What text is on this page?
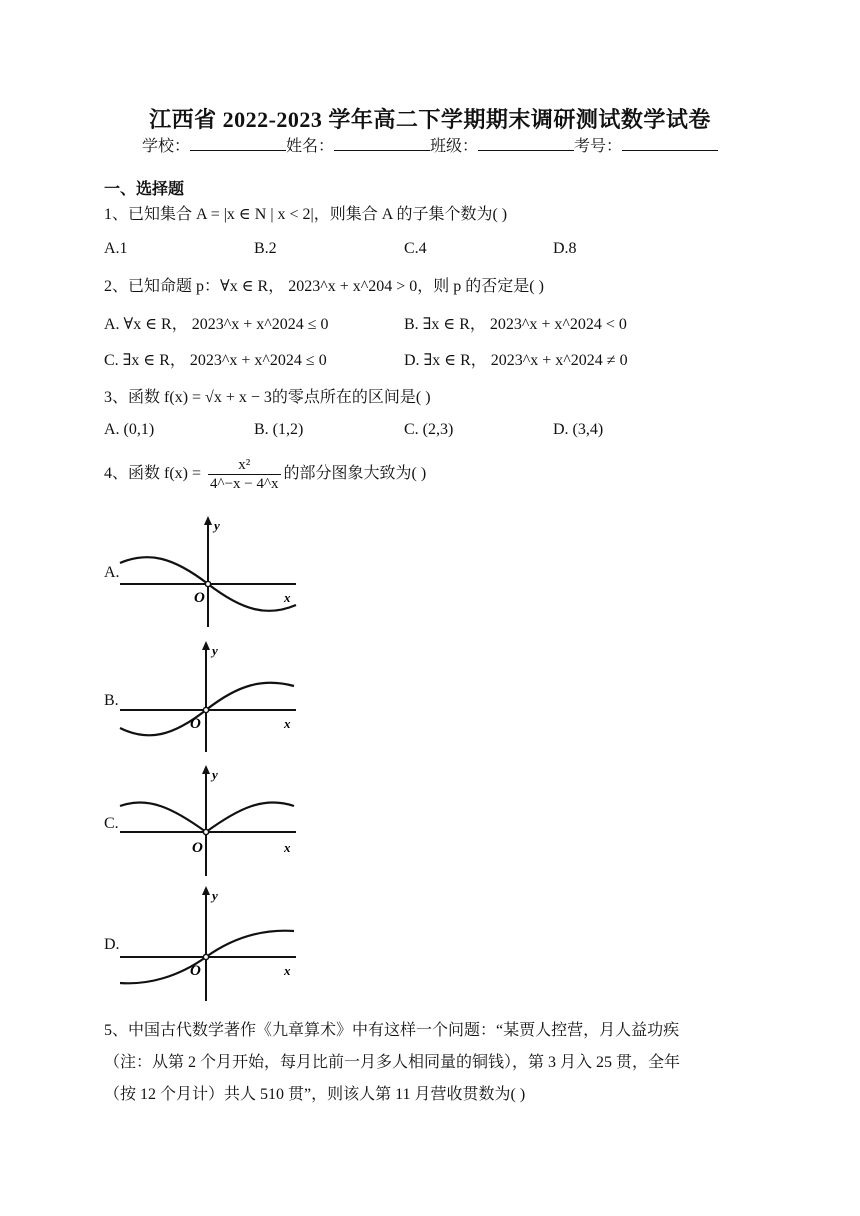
江西省 2022-2023 学年高二下学期期末调研测试数学试卷
学校：	姓名：	班级：	考号：
一、选择题
1、已知集合 A = |x ∈ N | x < 2|，则集合 A 的子集个数为( )
A.1	B.2	C.4	D.8
2、已知命题 p：∀x ∈ R， 2023^x + x^204 > 0，则 p 的否定是( )
A. ∀x ∈ R， 2023^x + x^2024 ≤ 0	B. ∃x ∈ R， 2023^x + x^2024 < 0
C. ∃x ∈ R， 2023^x + x^2024 ≤ 0	D. ∃x ∈ R， 2023^x + x^2024 ≠ 0
3、函数 f(x) = √x + x − 3的零点所在的区间是( )
A. (0,1)	B. (1,2)	C. (2,3)	D. (3,4)
4、函数 $f(x) = \frac{\text{x²}}{4\^{}-x - 4\^{}x}$ 的部分图象大致为( )
A.
y
O	x
B.
y
O	x
C.
y
O	x
D.
y
O	x
5、中国古代数学著作《九章算术》中有这样一个问题：“某贾人控营，月人益功疾
（注：从第 2 个月开始，每月比前一月多人相同量的铜钱），第 3 月入 25 贯，全年
（按 12 个月计）共人 510 贯”，则该人第 11 月营收贯数为( )
